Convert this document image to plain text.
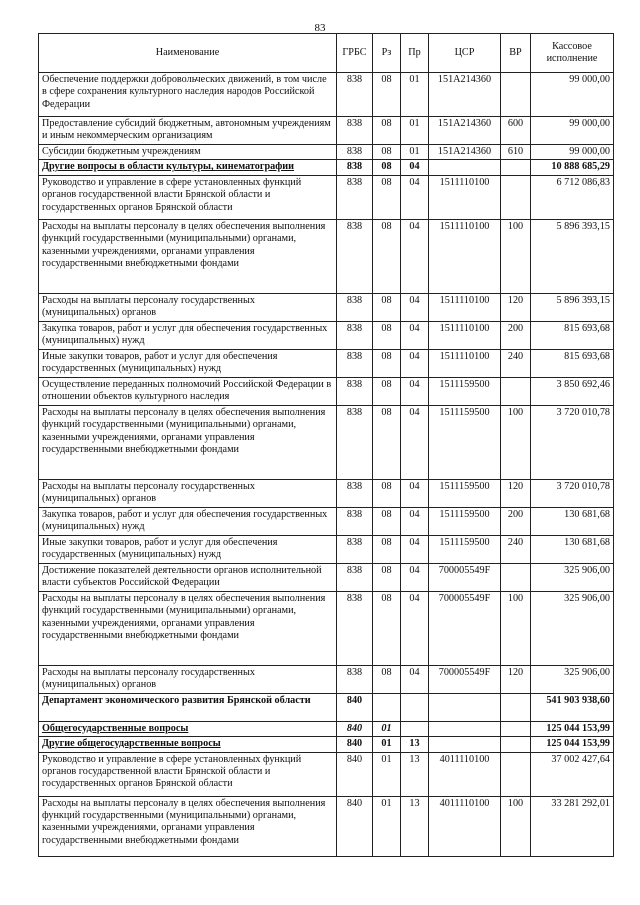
83
Наименование	ГРБС	Рз	Пр	ЦСР	ВР	Кассовое исполнение
Обеспечение поддержки добровольческих движений, в том числе в сфере сохранения культурного наследия народов Российской Федерации	838	08	01	151A214360		99 000,00
Предоставление субсидий бюджетным, автономным учреждениям и иным некоммерческим организациям	838	08	01	151A214360	600	99 000,00
Субсидии бюджетным учреждениям	838	08	01	151A214360	610	99 000,00
Другие вопросы в области культуры, кинематографии	838	08	04			10 888 685,29
Руководство и управление в сфере установленных функций органов государственной власти Брянской области и государственных органов Брянской области	838	08	04	1511110100		6 712 086,83
Расходы на выплаты персоналу в целях обеспечения выполнения функций государственными (муниципальными) органами, казенными учреждениями, органами управления государственными внебюджетными фондами	838	08	04	1511110100	100	5 896 393,15
Расходы на выплаты персоналу государственных (муниципальных) органов	838	08	04	1511110100	120	5 896 393,15
Закупка товаров, работ и услуг для обеспечения государственных (муниципальных) нужд	838	08	04	1511110100	200	815 693,68
Иные закупки товаров, работ и услуг для обеспечения государственных (муниципальных) нужд	838	08	04	1511110100	240	815 693,68
Осуществление переданных полномочий Российской Федерации в отношении объектов культурного наследия	838	08	04	1511159500		3 850 692,46
Расходы на выплаты персоналу в целях обеспечения выполнения функций государственными (муниципальными) органами, казенными учреждениями, органами управления государственными внебюджетными фондами	838	08	04	1511159500	100	3 720 010,78
Расходы на выплаты персоналу государственных (муниципальных) органов	838	08	04	1511159500	120	3 720 010,78
Закупка товаров, работ и услуг для обеспечения государственных (муниципальных) нужд	838	08	04	1511159500	200	130 681,68
Иные закупки товаров, работ и услуг для обеспечения государственных (муниципальных) нужд	838	08	04	1511159500	240	130 681,68
Достижение показателей деятельности органов исполнительной власти субъектов Российской Федерации	838	08	04	700005549F		325 906,00
Расходы на выплаты персоналу в целях обеспечения выполнения функций государственными (муниципальными) органами, казенными учреждениями, органами управления государственными внебюджетными фондами	838	08	04	700005549F	100	325 906,00
Расходы на выплаты персоналу государственных (муниципальных) органов	838	08	04	700005549F	120	325 906,00
Департамент экономического развития Брянской области	840					541 903 938,60
Общегосударственные вопросы	840	01				125 044 153,99
Другие общегосударственные вопросы	840	01	13			125 044 153,99
Руководство и управление в сфере установленных функций органов государственной власти Брянской области и государственных органов Брянской области	840	01	13	4011110100		37 002 427,64
Расходы на выплаты персоналу в целях обеспечения выполнения функций государственными (муниципальными) органами, казенными учреждениями, органами управления государственными внебюджетными фондами	840	01	13	4011110100	100	33 281 292,01
